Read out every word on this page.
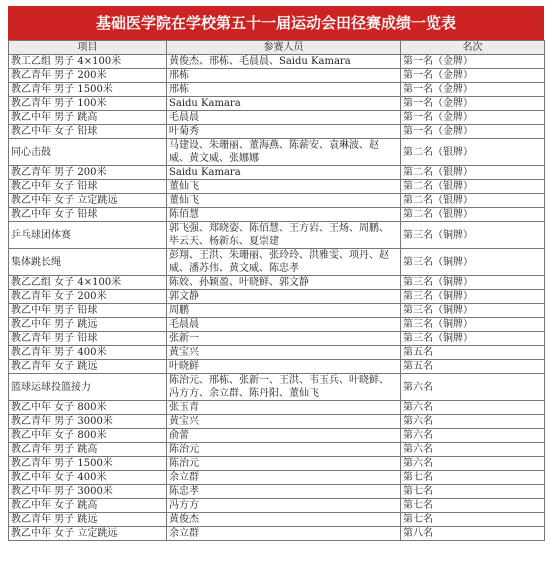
基础医学院在学校第五十一届运动会田径赛成绩一览表
项目	参赛人员	名次
教工乙组 男子 4×100米	黄俊杰、邢栋、毛晨晨、Saidu Kamara	第一名（金牌）
教乙青年 男子 200米	邢栋	第一名（金牌）
教乙青年 男子 1500米	邢栋	第一名（金牌）
教乙青年 男子 100米	Saidu Kamara	第一名（金牌）
教乙中年 男子 跳高	毛晨晨	第一名（金牌）
教乙中年 女子 铅球	叶菊秀	第一名（金牌）
同心击鼓	马建设、朱珊丽、董海燕、陈薪安、袁琳波、赵威、黄文威、张娜娜	第二名（银牌）
教乙青年 男子 200米	Saidu Kamara	第二名（银牌）
教乙中年 女子 铅球	董仙飞	第二名（银牌）
教乙中年 女子 立定跳远	董仙飞	第二名（银牌）
教乙中年 女子 铅球	陈佰慧	第二名（银牌）
乒乓球团体赛	郭飞强、郑晓姿、陈佰慧、王方岩、王炀、周鹏、毕云天、杨新东、夏崇建	第三名（铜牌）
集体跳长绳	彭翔、王洪、朱珊丽、张玲玲、洪雅雯、项丹、赵威、潘苏伟、黄文威、陈忠孝	第三名（铜牌）
教乙乙组 女子 4×100米	陈姣、孙颖盈、叶晓鲜、郭文静	第三名（铜牌）
教乙青年 女子 200米	郭文静	第三名（铜牌）
教乙中年 男子 铅球	周鹏	第三名（铜牌）
教乙中年 男子 跳远	毛晨晨	第三名（铜牌）
教乙青年 男子 铅球	张新一	第三名（铜牌）
教乙青年 男子 400米	黄宝兴	第五名
教乙青年 女子 跳远	叶晓鲜	第五名
篮球运球投篮接力	陈治元、邢栋、张新一、王洪、韦玉兵、叶晓鲜、冯方方、余立群、陈丹阳、董仙飞	第六名
教乙中年 女子 800米	张玉青	第六名
教乙青年 男子 3000米	黄宝兴	第六名
教乙中年 女子 800米	俞蕾	第六名
教乙青年 男子 跳高	陈治元	第六名
教乙青年 男子 1500米	陈治元	第六名
教乙中年 女子 400米	余立群	第七名
教乙中年 男子 3000米	陈忠孝	第七名
教乙中年 女子 跳高	冯方方	第七名
教乙青年 男子 跳远	黄俊杰	第七名
教乙中年 女子 立定跳远	余立群	第八名
